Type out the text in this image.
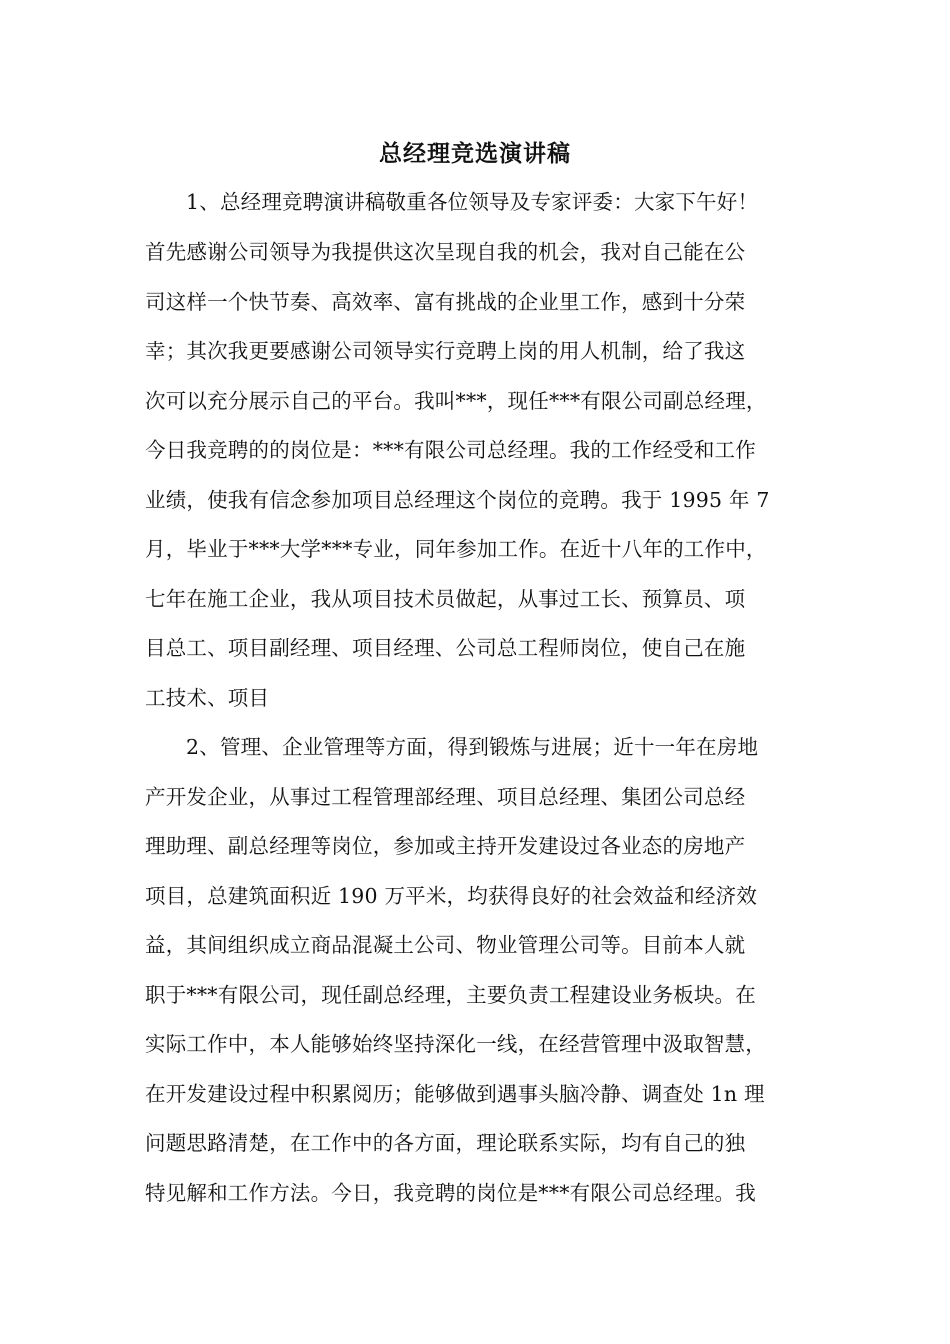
总经理竞选演讲稿
1、总经理竞聘演讲稿敬重各位领导及专家评委：大家下午好！
首先感谢公司领导为我提供这次呈现自我的机会，我对自己能在公
司这样一个快节奏、高效率、富有挑战的企业里工作，感到十分荣
幸；其次我更要感谢公司领导实行竞聘上岗的用人机制，给了我这
次可以充分展示自己的平台。我叫***，现任***有限公司副总经理，
今日我竞聘的的岗位是：***有限公司总经理。我的工作经受和工作
业绩，使我有信念参加项目总经理这个岗位的竞聘。我于 1995 年 7
月，毕业于***大学***专业，同年参加工作。在近十八年的工作中，
七年在施工企业，我从项目技术员做起，从事过工长、预算员、项
目总工、项目副经理、项目经理、公司总工程师岗位，使自己在施
工技术、项目
2、管理、企业管理等方面，得到锻炼与进展；近十一年在房地
产开发企业，从事过工程管理部经理、项目总经理、集团公司总经
理助理、副总经理等岗位，参加或主持开发建设过各业态的房地产
项目，总建筑面积近 190 万平米，均获得良好的社会效益和经济效
益，其间组织成立商品混凝土公司、物业管理公司等。目前本人就
职于***有限公司，现任副总经理，主要负责工程建设业务板块。在
实际工作中，本人能够始终坚持深化一线，在经营管理中汲取智慧，
在开发建设过程中积累阅历；能够做到遇事头脑冷静、调查处 1n 理
问题思路清楚，在工作中的各方面，理论联系实际，均有自己的独
特见解和工作方法。今日，我竞聘的岗位是***有限公司总经理。我
